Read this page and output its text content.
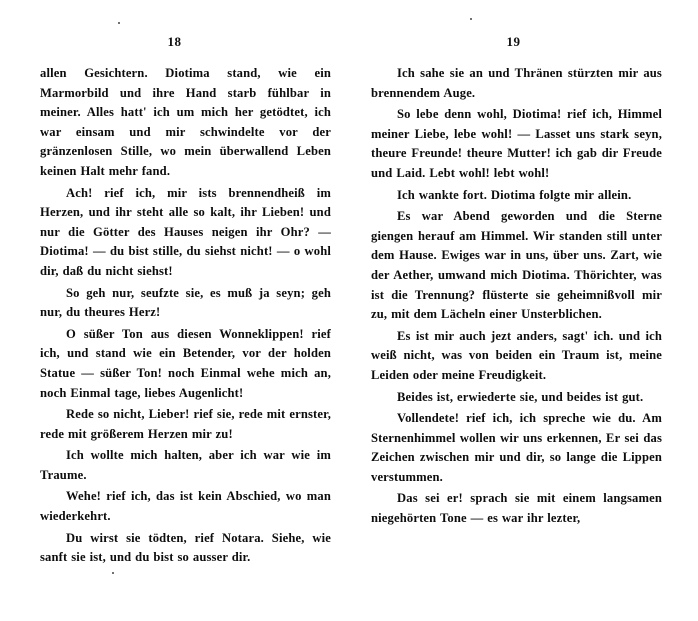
18

allen Gesichtern. Diotima stand, wie ein Marmorbild und ihre Hand starb fühlbar in meiner. Alles hatt' ich um mich her getödtet, ich war einsam und mir schwindelte vor der gränzenlosen Stille, wo mein überwallend Leben keinen Halt mehr fand.

Ach! rief ich, mir ists brennendheiß im Herzen, und ihr steht alle so kalt, ihr Lieben! und nur die Götter des Hauses neigen ihr Ohr? — Diotima! — du bist stille, du siehst nicht! — o wohl dir, daß du nicht siehst!

So geh nur, seufzte sie, es muß ja seyn; geh nur, du theures Herz!

O süßer Ton aus diesen Wonneklippen! rief ich, und stand wie ein Betender, vor der holden Statue — süßer Ton! noch Einmal wehe mich an, noch Einmal tage, liebes Augenlicht!

Rede so nicht, Lieber! rief sie, rede mit ernster, rede mit größerem Herzen mir zu!

Ich wollte mich halten, aber ich war wie im Traume.

Wehe! rief ich, das ist kein Abschied, wo man wiederkehrt.

Du wirst sie tödten, rief Notara. Siehe, wie sanft sie ist, und du bist so ausser dir.

19

Ich sahe sie an und Thränen stürzten mir aus brennendem Auge.

So lebe denn wohl, Diotima! rief ich, Himmel meiner Liebe, lebe wohl! — Lasset uns stark seyn, theure Freunde! theure Mutter! ich gab dir Freude und Laid. Lebt wohl! lebt wohl!

Ich wankte fort. Diotima folgte mir allein.

Es war Abend geworden und die Sterne giengen herauf am Himmel. Wir standen still unter dem Hause. Ewiges war in uns, über uns. Zart, wie der Aether, umwand mich Diotima. Thörichter, was ist die Trennung? flüsterte sie geheimnißvoll mir zu, mit dem Lächeln einer Unsterblichen.

Es ist mir auch jezt anders, sagt' ich. und ich weiß nicht, was von beiden ein Traum ist, meine Leiden oder meine Freudigkeit.

Beides ist, erwiederte sie, und beides ist gut.

Vollendete! rief ich, ich spreche wie du. Am Sternenhimmel wollen wir uns erkennen, Er sei das Zeichen zwischen mir und dir, so lange die Lippen verstummen.

Das sei er! sprach sie mit einem langsamen niegehörten Tone — es war ihr lezter,
